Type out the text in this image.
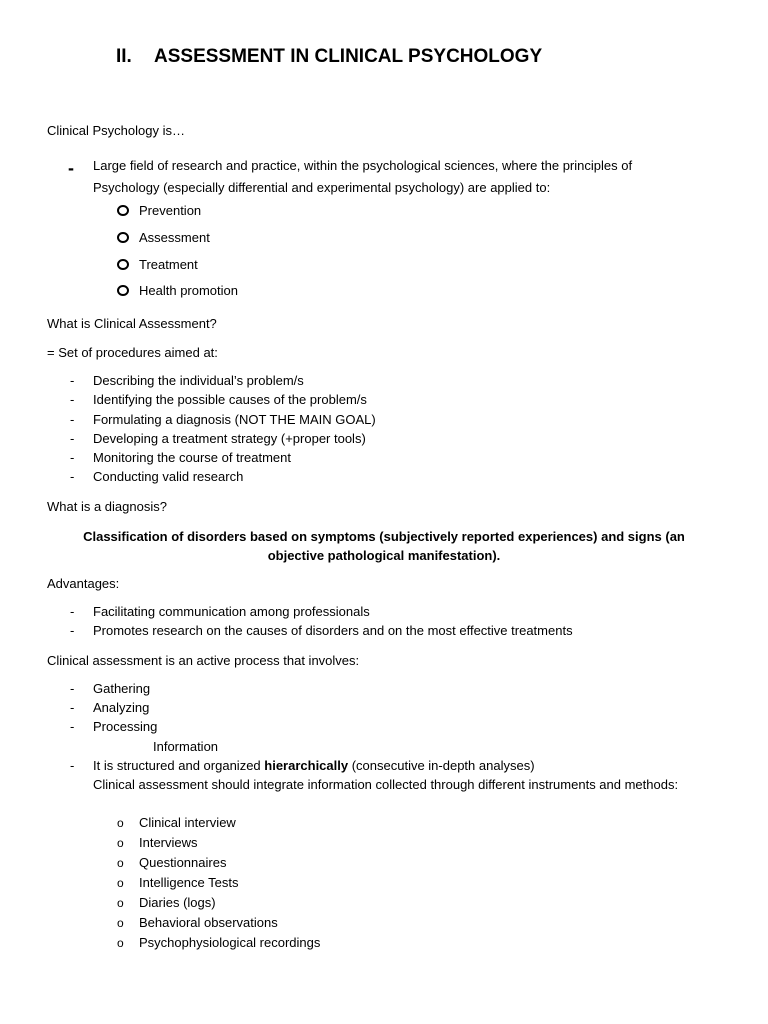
II. ASSESSMENT IN CLINICAL PSYCHOLOGY
Clinical Psychology is…
- Large field of research and practice, within the psychological sciences, where the principles of Psychology (especially differential and experimental psychology) are applied to:
Prevention
Assessment
Treatment
Health promotion
What is Clinical Assessment?
= Set of procedures aimed at:
- Describing the individual’s problem/s
- Identifying the possible causes of the problem/s
- Formulating a diagnosis (NOT THE MAIN GOAL)
- Developing a treatment strategy (+proper tools)
- Monitoring the course of treatment
- Conducting valid research
What is a diagnosis?
Classification of disorders based on symptoms (subjectively reported experiences) and signs (an objective pathological manifestation).
Advantages:
- Facilitating communication among professionals
- Promotes research on the causes of disorders and on the most effective treatments
Clinical assessment is an active process that involves:
- Gathering
- Analyzing
- Processing
Information
- It is structured and organized hierarchically (consecutive in-depth analyses)
Clinical assessment should integrate information collected through different instruments and methods:
o Clinical interview
o Interviews
o Questionnaires
o Intelligence Tests
o Diaries (logs)
o Behavioral observations
o Psychophysiological recordings
